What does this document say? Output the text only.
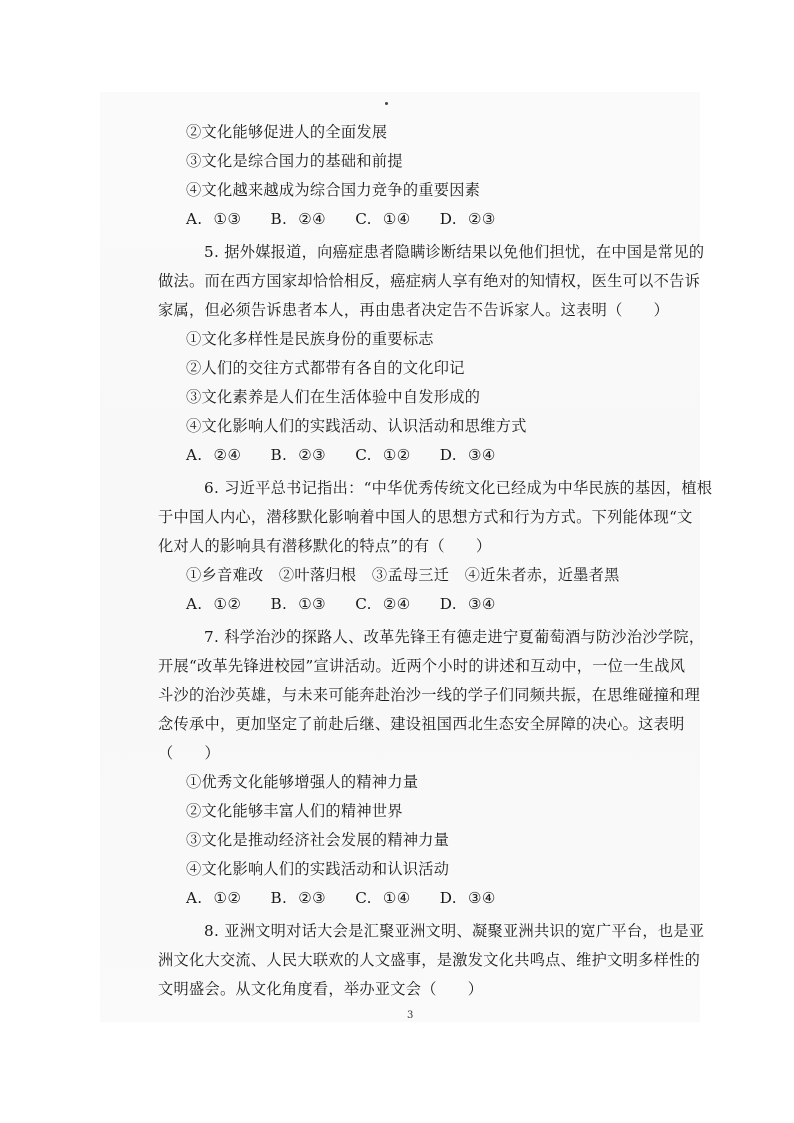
②文化能够促进人的全面发展
③文化是综合国力的基础和前提
④文化越来越成为综合国力竞争的重要因素
A. ①③ B. ②④ C. ①④ D. ②③
5. 据外媒报道，向癌症患者隐瞒诊断结果以免他们担忧，在中国是常见的
做法。而在西方国家却恰恰相反，癌症病人享有绝对的知情权，医生可以不告诉
家属，但必须告诉患者本人，再由患者决定告不告诉家人。这表明（　　）
①文化多样性是民族身份的重要标志
②人们的交往方式都带有各自的文化印记
③文化素养是人们在生活体验中自发形成的
④文化影响人们的实践活动、认识活动和思维方式
A. ②④ B. ②③ C. ①② D. ③④
6. 习近平总书记指出：“中华优秀传统文化已经成为中华民族的基因，植根
于中国人内心，潜移默化影响着中国人的思想方式和行为方式。下列能体现“文
化对人的影响具有潜移默化的特点”的有（　　）
①乡音难改　②叶落归根　③孟母三迁　④近朱者赤，近墨者黑
A. ①② B. ①③ C. ②④ D. ③④
7. 科学治沙的探路人、改革先锋王有德走进宁夏葡萄酒与防沙治沙学院，
开展“改革先锋进校园”宣讲活动。近两个小时的讲述和互动中，一位一生战风
斗沙的治沙英雄，与未来可能奔赴治沙一线的学子们同频共振，在思维碰撞和理
念传承中，更加坚定了前赴后继、建设祖国西北生态安全屏障的决心。这表明
（　　）
①优秀文化能够增强人的精神力量
②文化能够丰富人们的精神世界
③文化是推动经济社会发展的精神力量
④文化影响人们的实践活动和认识活动
A. ①② B. ②③ C. ①④ D. ③④
8. 亚洲文明对话大会是汇聚亚洲文明、凝聚亚洲共识的宽广平台，也是亚
洲文化大交流、人民大联欢的人文盛事，是激发文化共鸣点、维护文明多样性的
文明盛会。从文化角度看，举办亚文会（　　）
3
